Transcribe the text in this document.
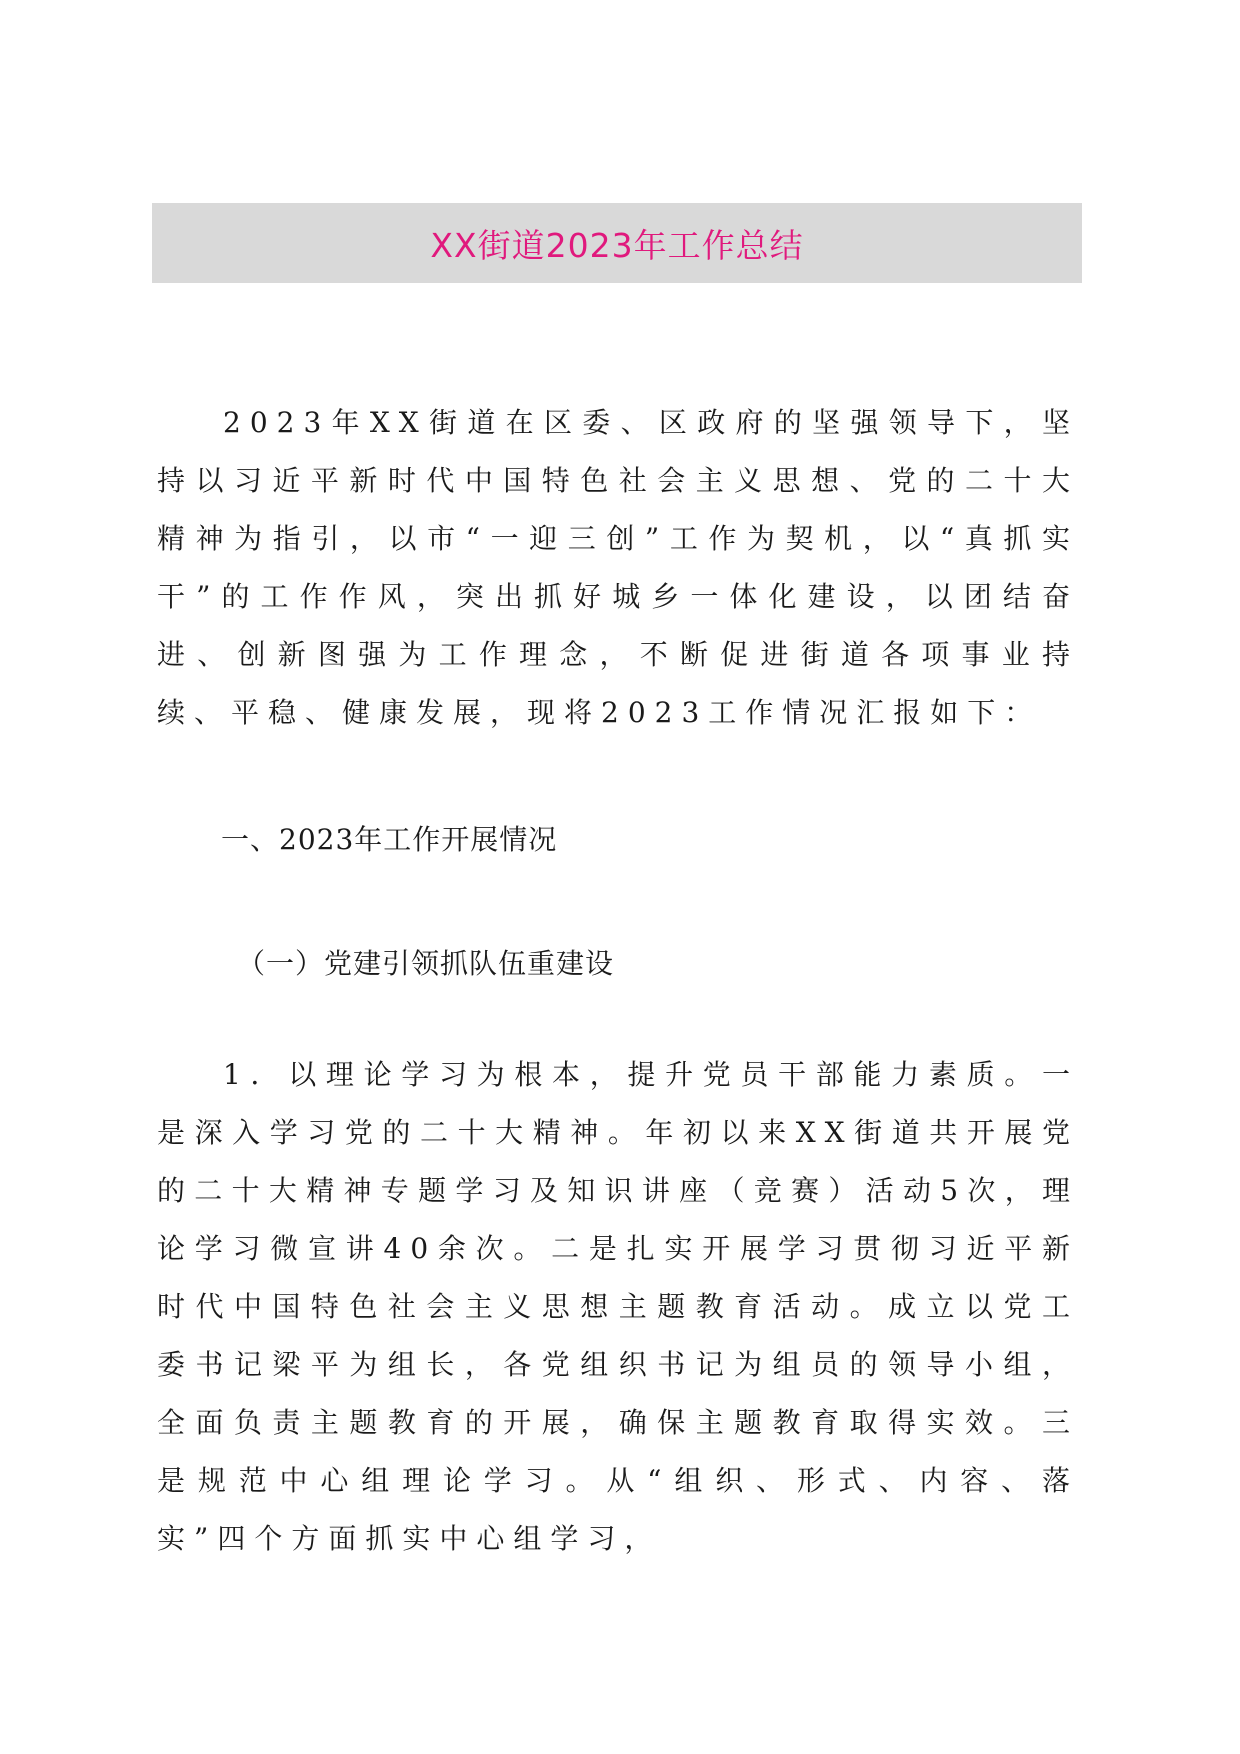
XX街道2023年工作总结

2023年XX街道在区委、区政府的坚强领导下，坚持以习近平新时代中国特色社会主义思想、党的二十大精神为指引，以市“一迎三创”工作为契机，以“真抓实干”的工作作风，突出抓好城乡一体化建设，以团结奋进、创新图强为工作理念，不断促进街道各项事业持续、平稳、健康发展，现将2023工作情况汇报如下：

一、2023年工作开展情况
（一）党建引领抓队伍重建设

1．以理论学习为根本，提升党员干部能力素质。一是深入学习党的二十大精神。年初以来XX街道共开展党的二十大精神专题学习及知识讲座（竞赛）活动5次，理论学习微宣讲40余次。二是扎实开展学习贯彻习近平新时代中国特色社会主义思想主题教育活动。成立以党工委书记梁平为组长，各党组织书记为组员的领导小组，全面负责主题教育的开展，确保主题教育取得实效。三是规范中心组理论学习。从“组织、形式、内容、落实”四个方面抓实中心组学习，
